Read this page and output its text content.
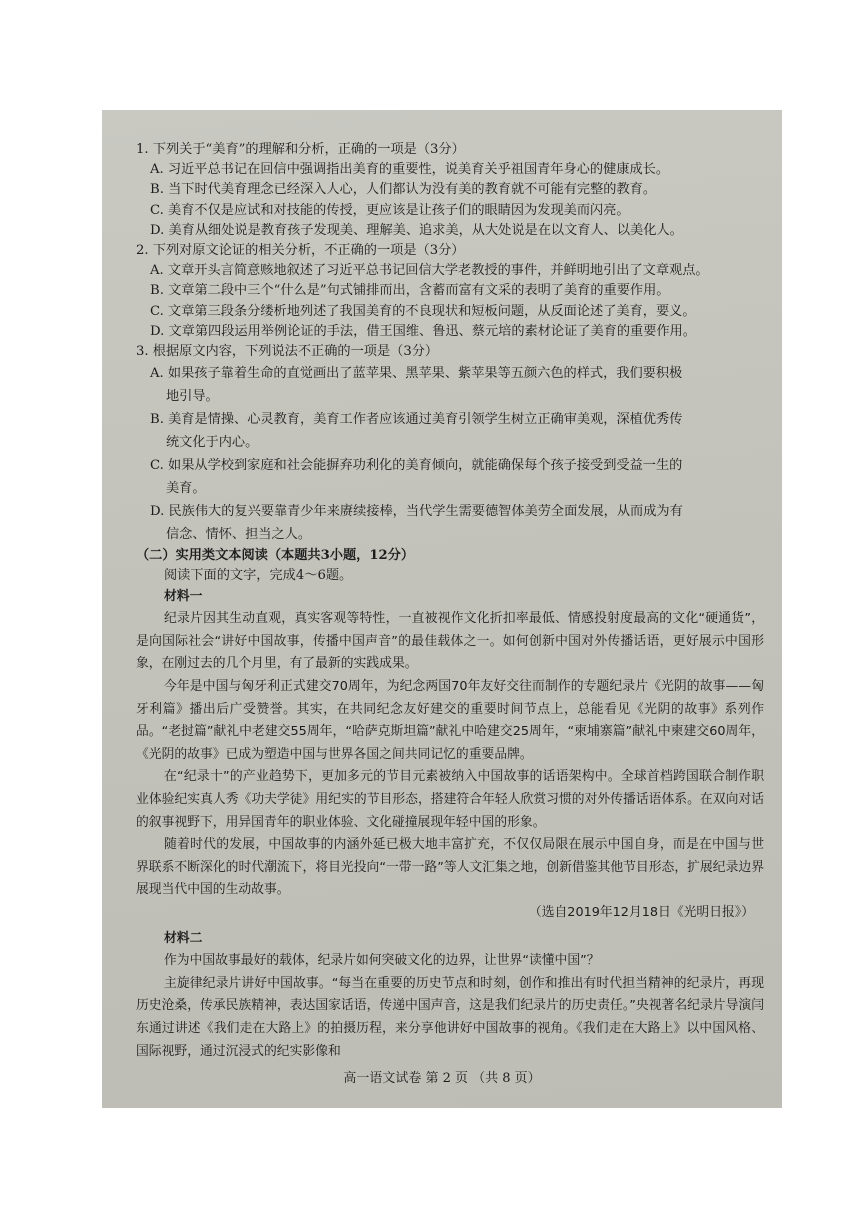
1. 下列关于“美育”的理解和分析，正确的一项是（3分）
A. 习近平总书记在回信中强调指出美育的重要性，说美育关乎祖国青年身心的健康成长。
B. 当下时代美育理念已经深入人心，人们都认为没有美的教育就不可能有完整的教育。
C. 美育不仅是应试和对技能的传授，更应该是让孩子们的眼睛因为发现美而闪亮。
D. 美育从细处说是教育孩子发现美、理解美、追求美，从大处说是在以文育人、以美化人。
2. 下列对原文论证的相关分析，不正确的一项是（3分）
A. 文章开头言简意赅地叙述了习近平总书记回信大学老教授的事件，并鲜明地引出了文章观点。
B. 文章第二段中三个“什么是”句式铺排而出，含蓄而富有文采的表明了美育的重要作用。
C. 文章第三段条分缕析地列述了我国美育的不良现状和短板问题，从反面论述了美育，要义。
D. 文章第四段运用举例论证的手法，借王国维、鲁迅、蔡元培的素材论证了美育的重要作用。
3. 根据原文内容，下列说法不正确的一项是（3分）
A. 如果孩子靠着生命的直觉画出了蓝苹果、黑苹果、紫苹果等五颜六色的样式，我们要积极
地引导。
B. 美育是情操、心灵教育，美育工作者应该通过美育引领学生树立正确审美观，深植优秀传
统文化于内心。
C. 如果从学校到家庭和社会能摒弃功利化的美育倾向，就能确保每个孩子接受到受益一生的
美育。
D. 民族伟大的复兴要靠青少年来赓续接棒，当代学生需要德智体美劳全面发展，从而成为有
信念、情怀、担当之人。
（二）实用类文本阅读（本题共3小题，12分）
阅读下面的文字，完成4～6题。
材料一
纪录片因其生动直观，真实客观等特性，一直被视作文化折扣率最低、情感投射度最高的文化“硬通货”，是向国际社会“讲好中国故事，传播中国声音”的最佳载体之一。如何创新中国对外传播话语，更好展示中国形象，在刚过去的几个月里，有了最新的实践成果。
今年是中国与匈牙利正式建交70周年，为纪念两国70年友好交往而制作的专题纪录片《光阴的故事——匈牙利篇》播出后广受赞誉。其实，在共同纪念友好建交的重要时间节点上，总能看见《光阴的故事》系列作品。“老挝篇”献礼中老建交55周年，“哈萨克斯坦篇”献礼中哈建交25周年，“柬埔寨篇”献礼中柬建交60周年，《光阴的故事》已成为塑造中国与世界各国之间共同记忆的重要品牌。
在“纪录十”的产业趋势下，更加多元的节目元素被纳入中国故事的话语架构中。全球首档跨国联合制作职业体验纪实真人秀《功夫学徒》用纪实的节目形态，搭建符合年轻人欣赏习惯的对外传播话语体系。在双向对话的叙事视野下，用异国青年的职业体验、文化碰撞展现年轻中国的形象。
随着时代的发展，中国故事的内涵外延已极大地丰富扩充，不仅仅局限在展示中国自身，而是在中国与世界联系不断深化的时代潮流下，将目光投向“一带一路”等人文汇集之地，创新借鉴其他节目形态，扩展纪录边界展现当代中国的生动故事。
（选自2019年12月18日《光明日报》）
材料二
作为中国故事最好的载体，纪录片如何突破文化的边界，让世界“读懂中国”？
主旋律纪录片讲好中国故事。“每当在重要的历史节点和时刻，创作和推出有时代担当精神的纪录片，再现历史沧桑，传承民族精神，表达国家话语，传递中国声音，这是我们纪录片的历史责任。”央视著名纪录片导演闫东通过讲述《我们走在大路上》的拍摄历程，来分享他讲好中国故事的视角。《我们走在大路上》以中国风格、国际视野，通过沉浸式的纪实影像和
高一语文试卷 第 2 页 （共 8 页）
